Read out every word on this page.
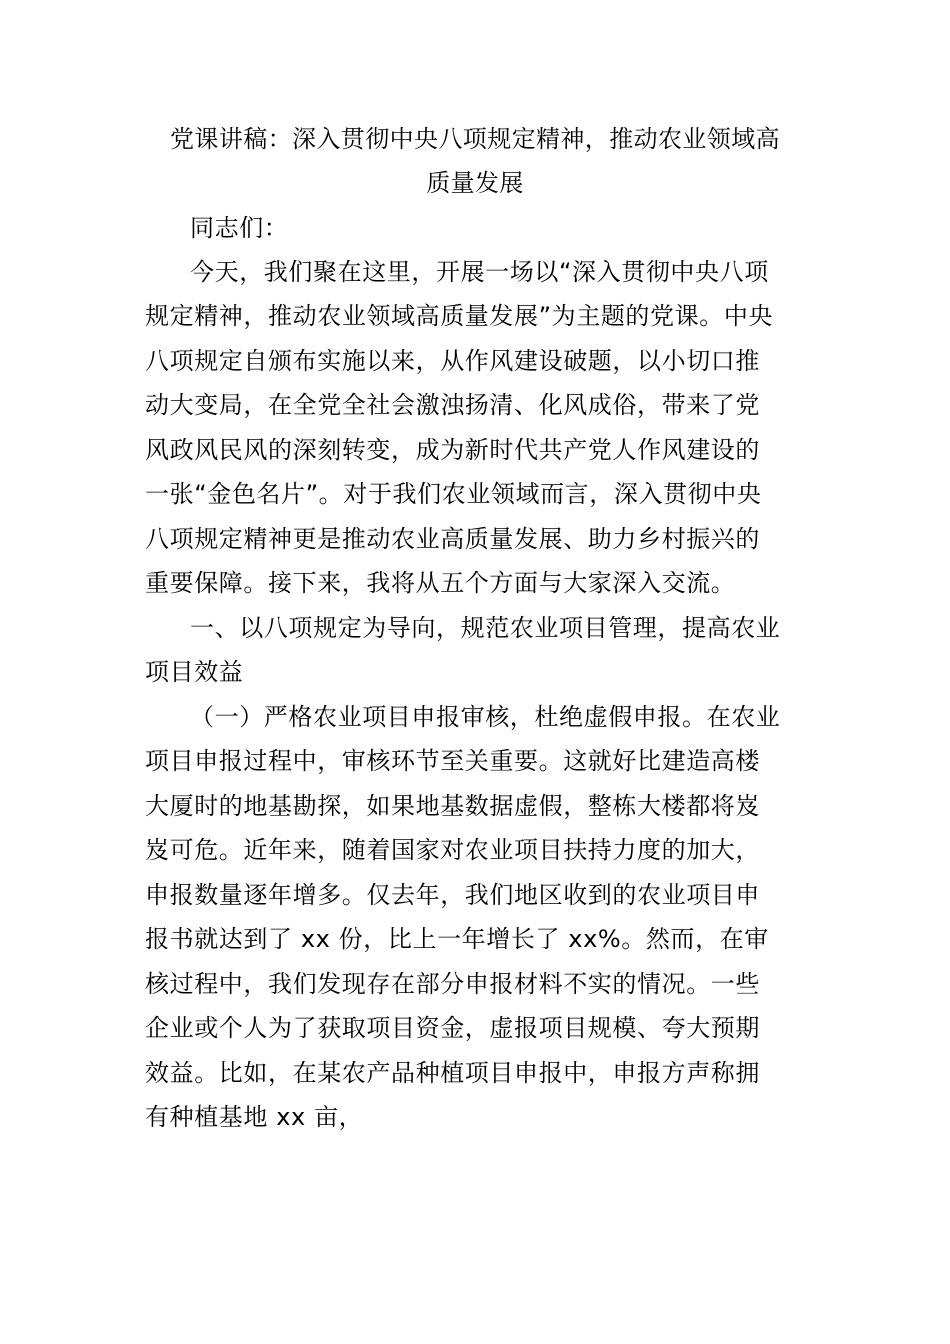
党课讲稿：深入贯彻中央八项规定精神，推动农业领域高
质量发展
同志们：
今天，我们聚在这里，开展一场以“深入贯彻中央八项
规定精神，推动农业领域高质量发展”为主题的党课。中央
八项规定自颁布实施以来，从作风建设破题，以小切口推
动大变局，在全党全社会激浊扬清、化风成俗，带来了党
风政风民风的深刻转变，成为新时代共产党人作风建设的
一张“金色名片”。对于我们农业领域而言，深入贯彻中央
八项规定精神更是推动农业高质量发展、助力乡村振兴的
重要保障。接下来，我将从五个方面与大家深入交流。
一、以八项规定为导向，规范农业项目管理，提高农业
项目效益
（一）严格农业项目申报审核，杜绝虚假申报。在农业
项目申报过程中，审核环节至关重要。这就好比建造高楼
大厦时的地基勘探，如果地基数据虚假，整栋大楼都将岌
岌可危。近年来，随着国家对农业项目扶持力度的加大，
申报数量逐年增多。仅去年，我们地区收到的农业项目申
报书就达到了 xx 份，比上一年增长了 xx%。然而，在审
核过程中，我们发现存在部分申报材料不实的情况。一些
企业或个人为了获取项目资金，虚报项目规模、夸大预期
效益。比如，在某农产品种植项目申报中，申报方声称拥
有种植基地 xx 亩，
